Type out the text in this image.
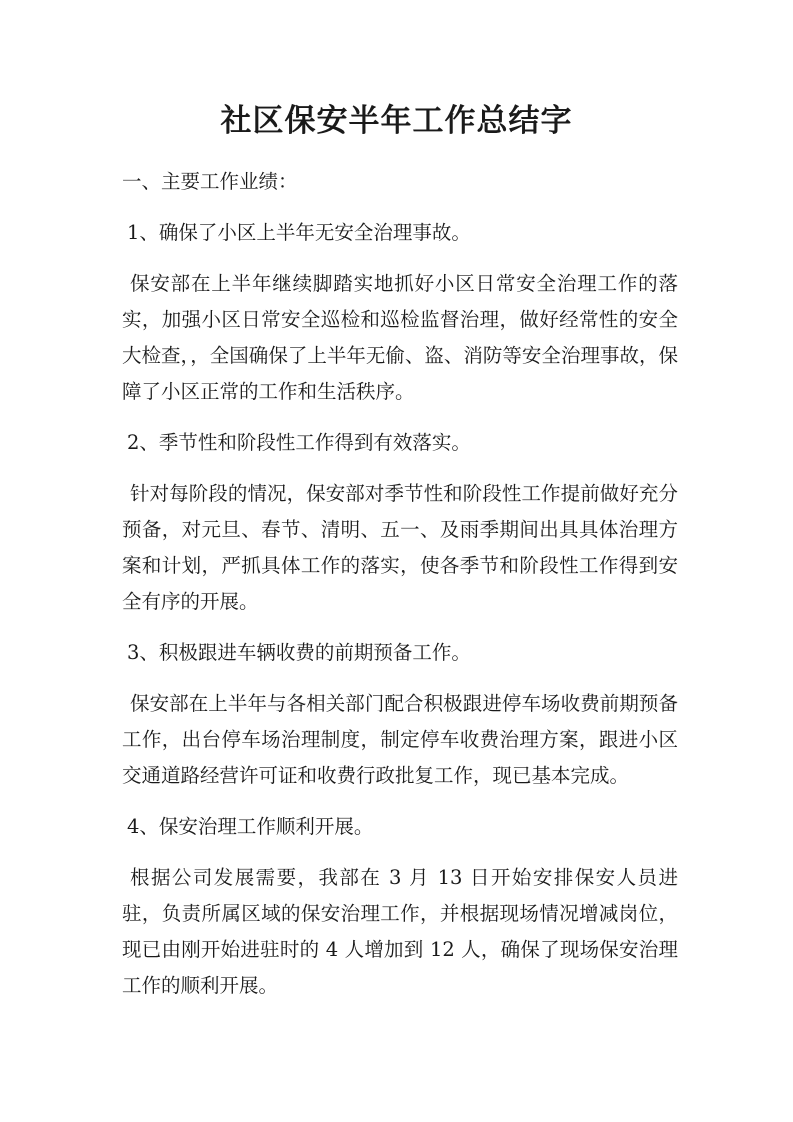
社区保安半年工作总结字

一、主要工作业绩：

1、确保了小区上半年无安全治理事故。

保安部在上半年继续脚踏实地抓好小区日常安全治理工作的落实，加强小区日常安全巡检和巡检监督治理，做好经常性的安全大检查，，全国确保了上半年无偷、盗、消防等安全治理事故，保障了小区正常的工作和生活秩序。

2、季节性和阶段性工作得到有效落实。

针对每阶段的情况，保安部对季节性和阶段性工作提前做好充分预备，对元旦、春节、清明、五一、及雨季期间出具具体治理方案和计划，严抓具体工作的落实，使各季节和阶段性工作得到安全有序的开展。

3、积极跟进车辆收费的前期预备工作。

保安部在上半年与各相关部门配合积极跟进停车场收费前期预备工作，出台停车场治理制度，制定停车收费治理方案，跟进小区交通道路经营许可证和收费行政批复工作，现已基本完成。

4、保安治理工作顺利开展。

根据公司发展需要，我部在 3 月 13 日开始安排保安人员进驻，负责所属区域的保安治理工作，并根据现场情况增减岗位，现已由刚开始进驻时的 4 人增加到 12 人，确保了现场保安治理工作的顺利开展。
